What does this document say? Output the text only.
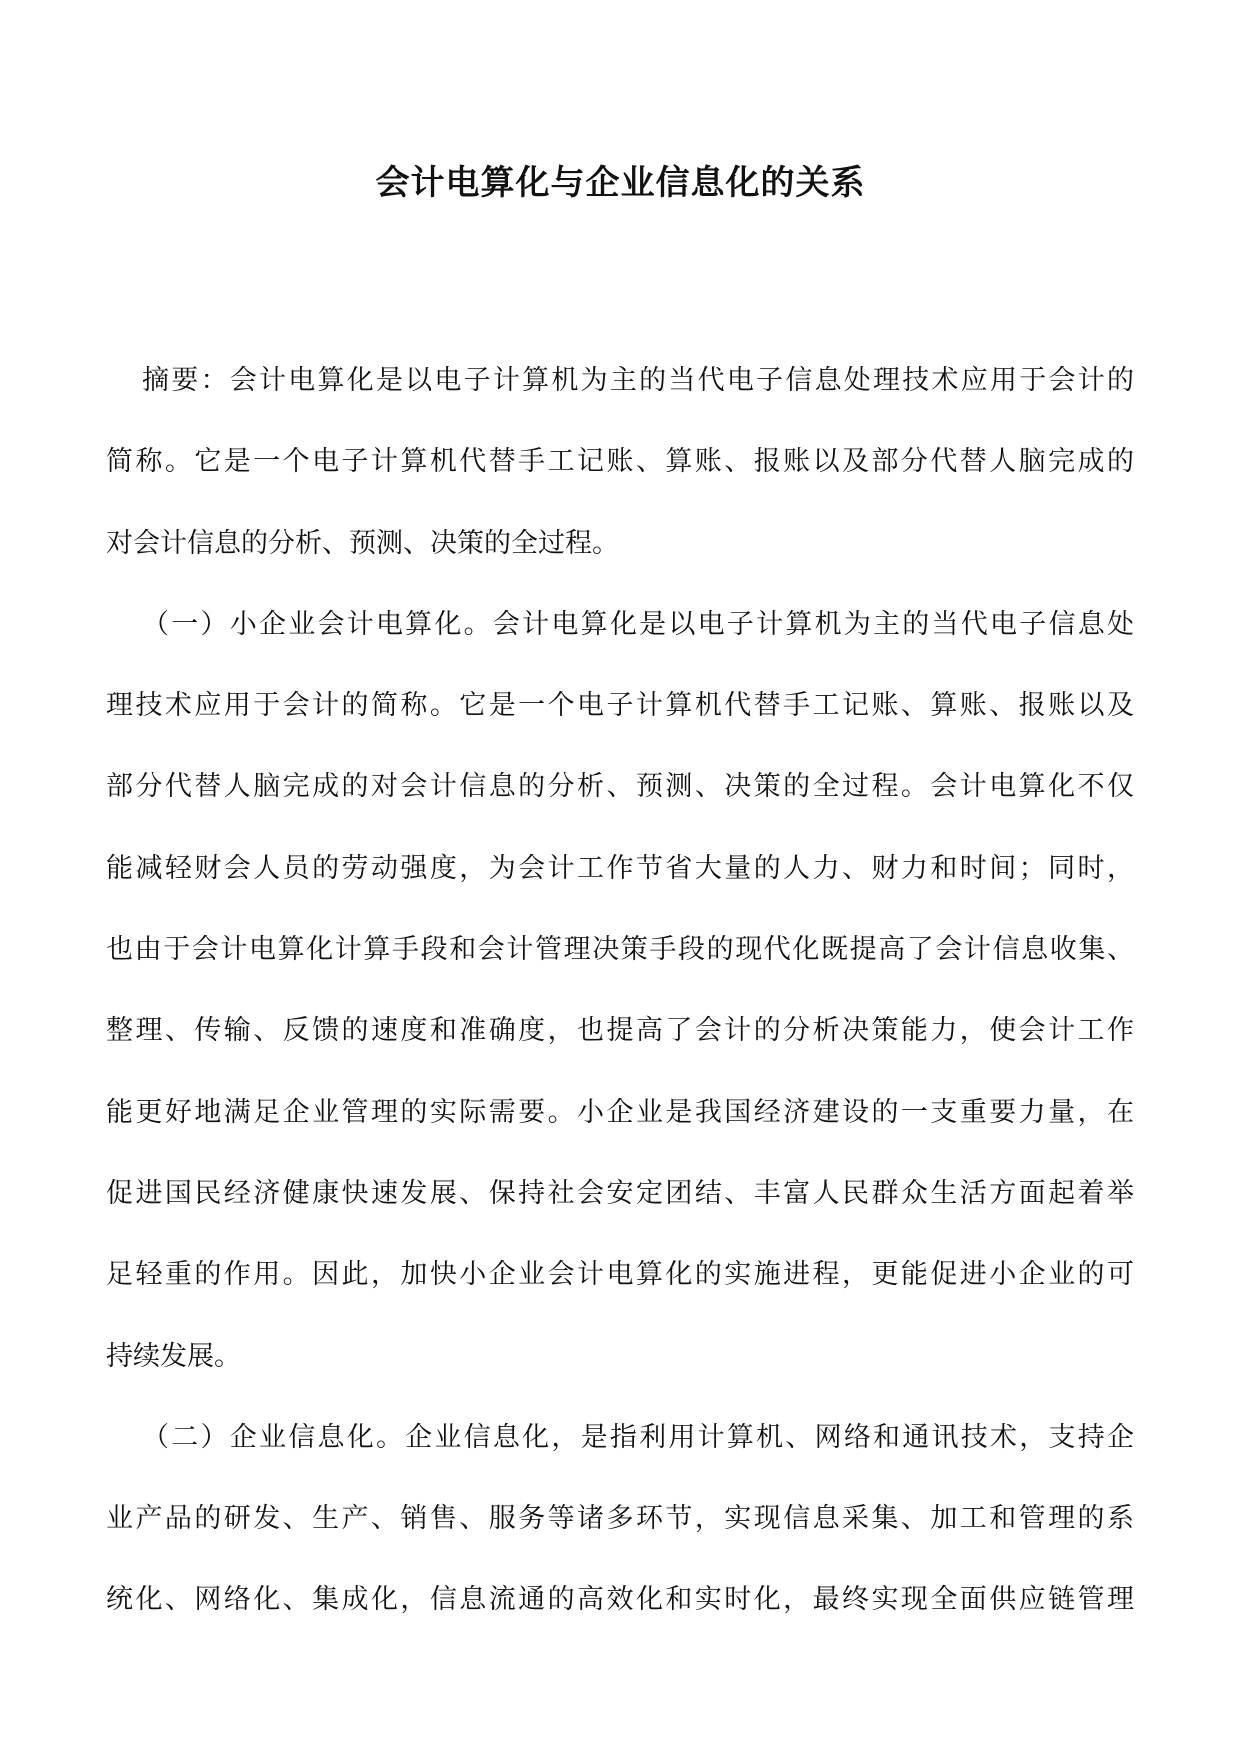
会计电算化与企业信息化的关系
摘要：会计电算化是以电子计算机为主的当代电子信息处理技术应用于会计的
简称。它是一个电子计算机代替手工记账、算账、报账以及部分代替人脑完成的
对会计信息的分析、预测、决策的全过程。
（一）小企业会计电算化。会计电算化是以电子计算机为主的当代电子信息处
理技术应用于会计的简称。它是一个电子计算机代替手工记账、算账、报账以及
部分代替人脑完成的对会计信息的分析、预测、决策的全过程。会计电算化不仅
能减轻财会人员的劳动强度，为会计工作节省大量的人力、财力和时间；同时，
也由于会计电算化计算手段和会计管理决策手段的现代化既提高了会计信息收集、
整理、传输、反馈的速度和准确度，也提高了会计的分析决策能力，使会计工作
能更好地满足企业管理的实际需要。小企业是我国经济建设的一支重要力量，在
促进国民经济健康快速发展、保持社会安定团结、丰富人民群众生活方面起着举
足轻重的作用。因此，加快小企业会计电算化的实施进程，更能促进小企业的可
持续发展。
（二）企业信息化。企业信息化，是指利用计算机、网络和通讯技术，支持企
业产品的研发、生产、销售、服务等诸多环节，实现信息采集、加工和管理的系
统化、网络化、集成化，信息流通的高效化和实时化，最终实现全面供应链管理
